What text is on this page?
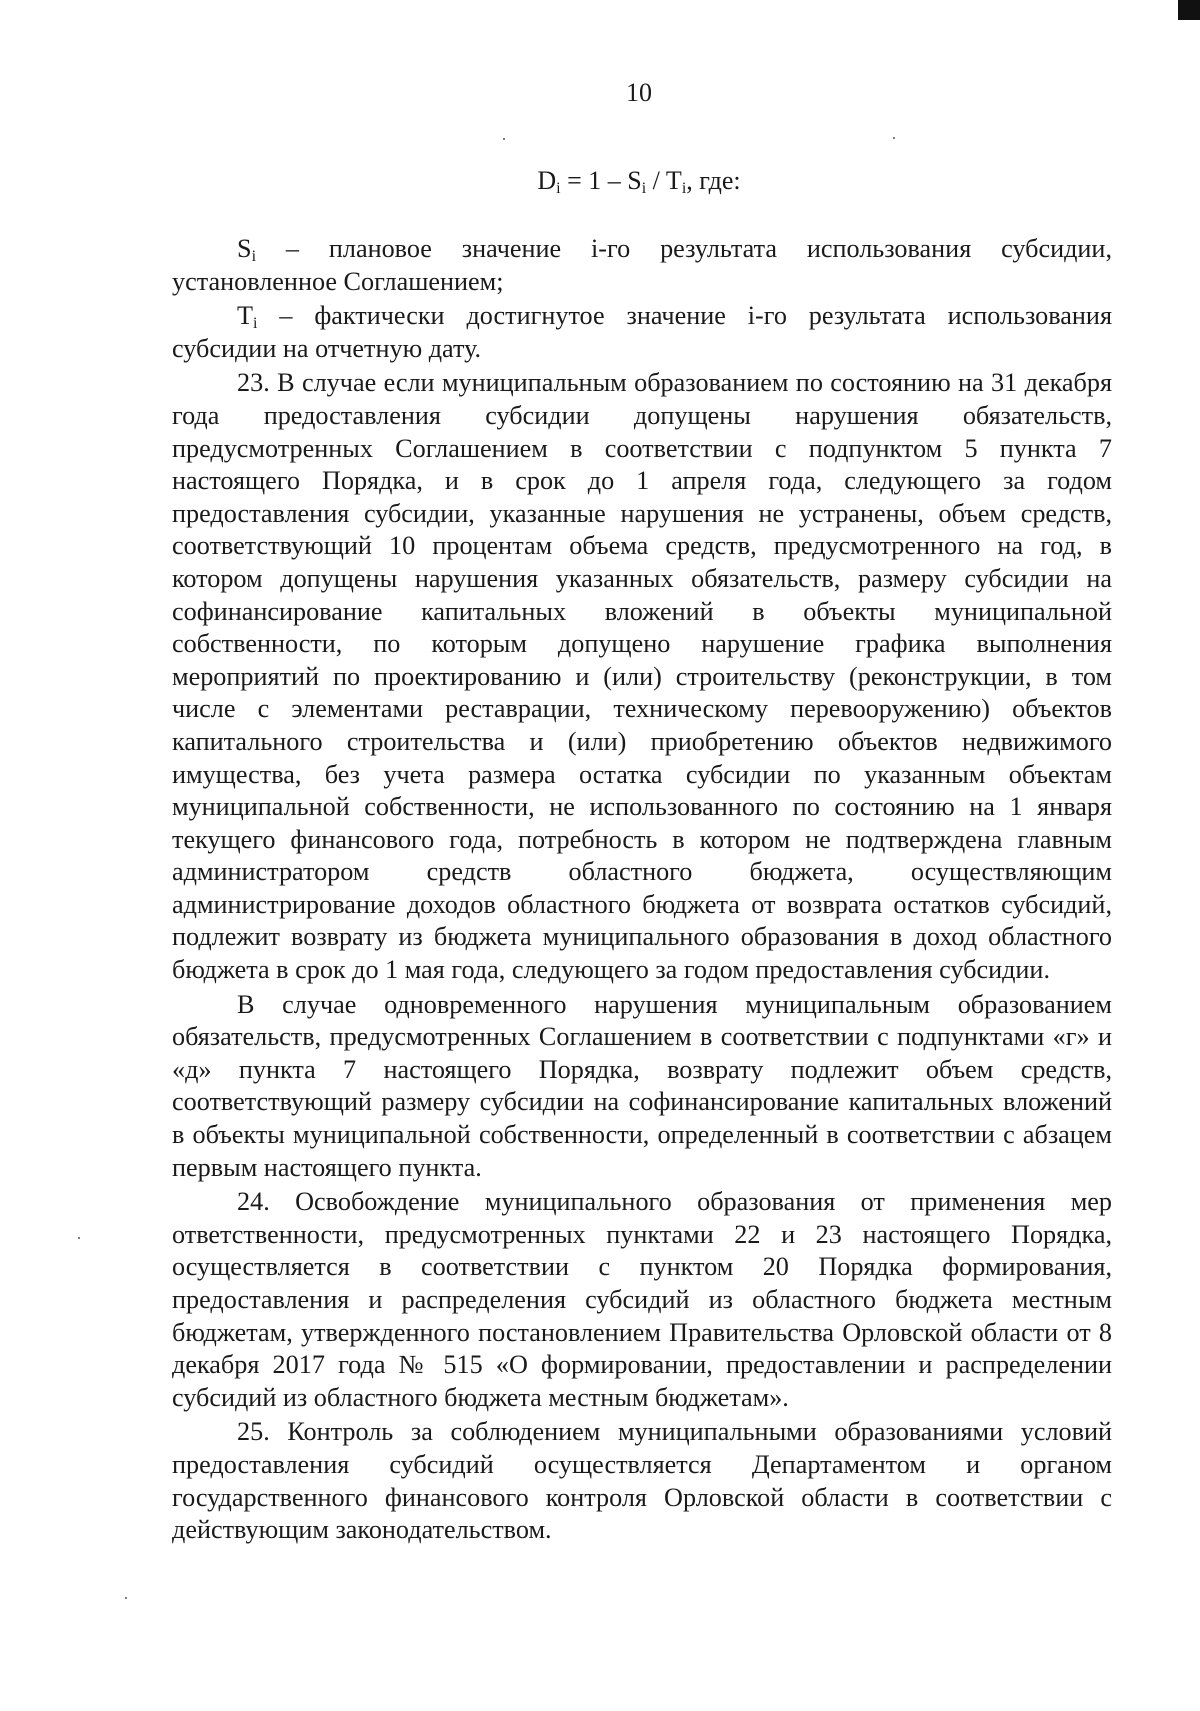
10
$D_i = 1 - S_i / T_i$, где:

$S_i$ – плановое значение i-го результата использования субсидии, установленное Соглашением;

$T_i$ – фактически достигнутое значение i-го результата использования субсидии на отчетную дату.

23. В случае если муниципальным образованием по состоянию на 31 декабря года предоставления субсидии допущены нарушения обязательств, предусмотренных Соглашением в соответствии с подпунктом 5 пункта 7 настоящего Порядка, и в срок до 1 апреля года, следующего за годом предоставления субсидии, указанные нарушения не устранены, объем средств, соответствующий 10 процентам объема средств, предусмотренного на год, в котором допущены нарушения указанных обязательств, размеру субсидии на софинансирование капитальных вложений в объекты муниципальной собственности, по которым допущено нарушение графика выполнения мероприятий по проектированию и (или) строительству (реконструкции, в том числе с элементами реставрации, техническому перевооружению) объектов капитального строительства и (или) приобретению объектов недвижимого имущества, без учета размера остатка субсидии по указанным объектам муниципальной собственности, не использованного по состоянию на 1 января текущего финансового года, потребность в котором не подтверждена главным администратором средств областного бюджета, осуществляющим администрирование доходов областного бюджета от возврата остатков субсидий, подлежит возврату из бюджета муниципального образования в доход областного бюджета в срок до 1 мая года, следующего за годом предоставления субсидии.

В случае одновременного нарушения муниципальным образованием обязательств, предусмотренных Соглашением в соответствии с подпунктами «г» и «д» пункта 7 настоящего Порядка, возврату подлежит объем средств, соответствующий размеру субсидии на софинансирование капитальных вложений в объекты муниципальной собственности, определенный в соответствии с абзацем первым настоящего пункта.

24. Освобождение муниципального образования от применения мер ответственности, предусмотренных пунктами 22 и 23 настоящего Порядка, осуществляется в соответствии с пунктом 20 Порядка формирования, предоставления и распределения субсидий из областного бюджета местным бюджетам, утвержденного постановлением Правительства Орловской области от 8 декабря 2017 года № 515 «О формировании, предоставлении и распределении субсидий из областного бюджета местным бюджетам».

25. Контроль за соблюдением муниципальными образованиями условий предоставления субсидий осуществляется Департаментом и органом государственного финансового контроля Орловской области в соответствии с действующим законодательством.
